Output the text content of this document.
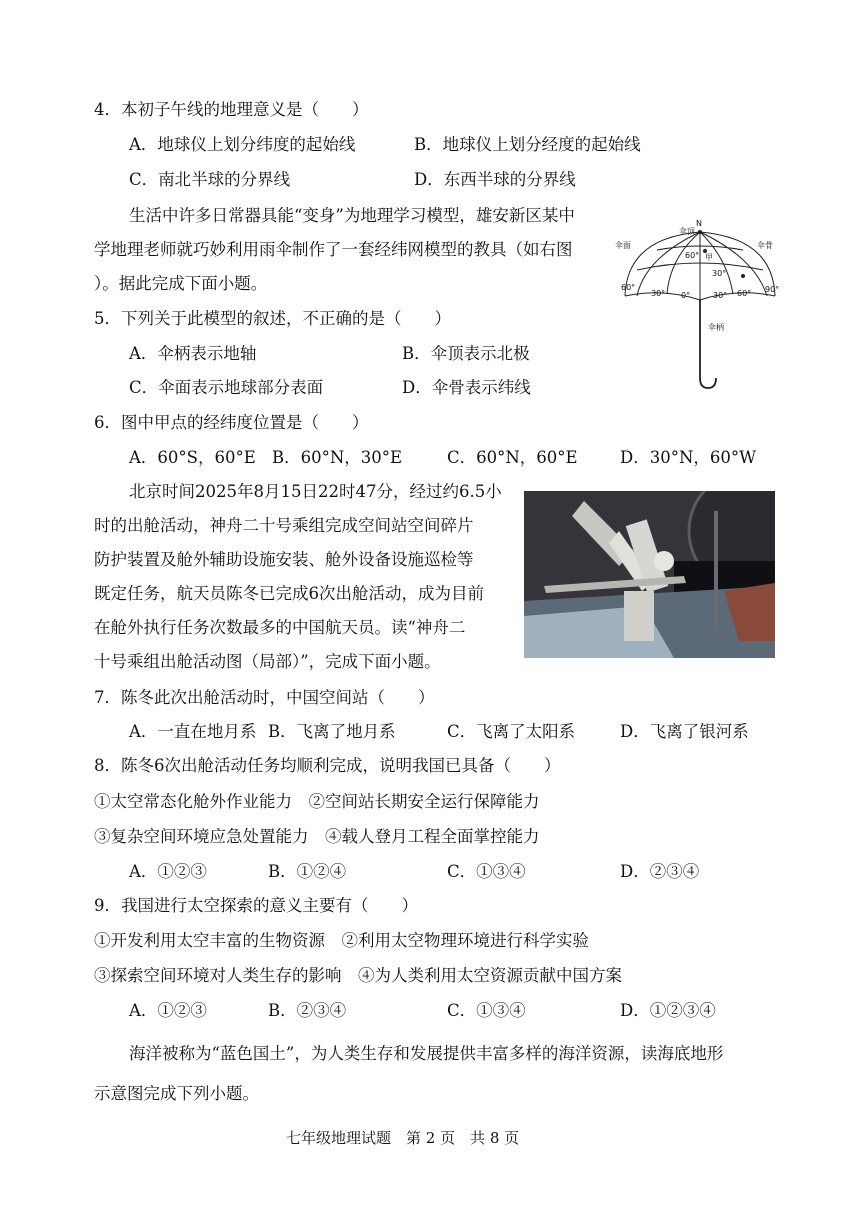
4．本初子午线的地理意义是（　　）
A．地球仪上划分纬度的起始线	B．地球仪上划分经度的起始线
C．南北半球的分界线	D．东西半球的分界线
生活中许多日常器具能“变身”为地理学习模型，雄安新区某中
学地理老师就巧妙利用雨伞制作了一套经纬网模型的教具（如右图
）。据此完成下面小题。
N
伞顶
伞面	伞骨
伞柄
甲
60°
30°
60°
30° 0°	30° 60° 90°
5．下列关于此模型的叙述，不正确的是（　　）
A．伞柄表示地轴	B．伞顶表示北极
C．伞面表示地球部分表面	D．伞骨表示纬线
6．图中甲点的经纬度位置是（　　）
A．60°S，60°E B．60°N，30°E	C．60°N，60°E	D．30°N，60°W
北京时间2025年8月15日22时47分，经过约6.5小
时的出舱活动，神舟二十号乘组完成空间站空间碎片
防护装置及舱外辅助设施安装、舱外设备设施巡检等
既定任务，航天员陈冬已完成6次出舱活动，成为目前
在舱外执行任务次数最多的中国航天员。读“神舟二
十号乘组出舱活动图（局部）”，完成下面小题。
7．陈冬此次出舱活动时，中国空间站（　　）
A．一直在地月系 B．飞离了地月系	C．飞离了太阳系	D．飞离了银河系
8．陈冬6次出舱活动任务均顺利完成，说明我国已具备（　　）
①太空常态化舱外作业能力　②空间站长期安全运行保障能力
③复杂空间环境应急处置能力　④载人登月工程全面掌控能力
A．①②③	B．①②④	C．①③④	D．②③④
9．我国进行太空探索的意义主要有（　　）
①开发利用太空丰富的生物资源　②利用太空物理环境进行科学实验
③探索空间环境对人类生存的影响　④为人类利用太空资源贡献中国方案
A．①②③	B．②③④	C．①③④	D．①②③④
海洋被称为“蓝色国土”，为人类生存和发展提供丰富多样的海洋资源，读海底地形
示意图完成下列小题。
七年级地理试题　第 2 页　共 8 页
